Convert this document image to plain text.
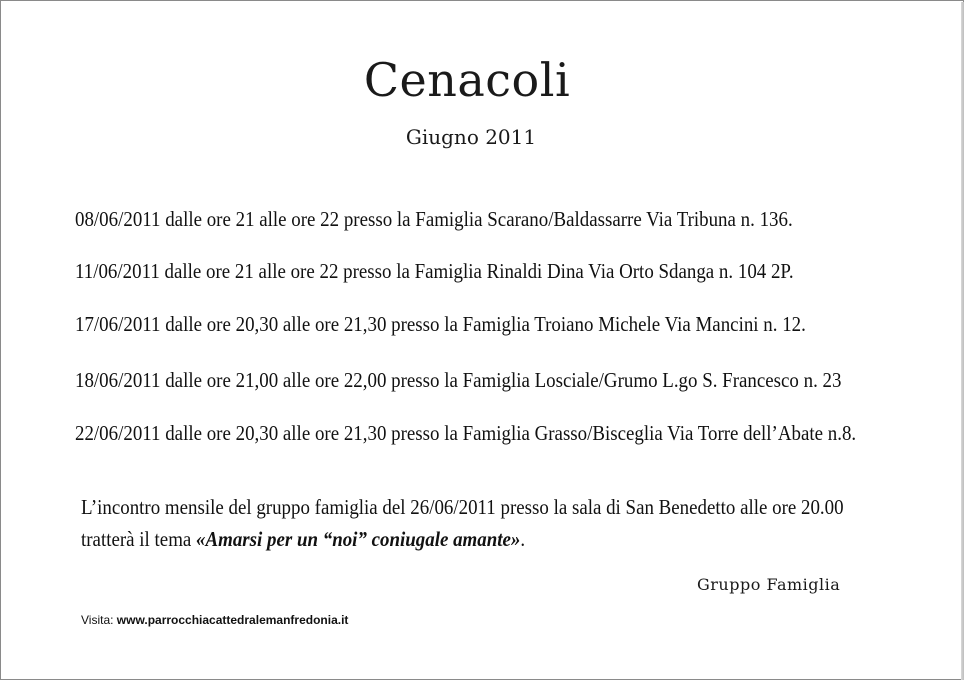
Cenacoli
Giugno 2011
08/06/2011 dalle ore 21 alle ore 22 presso la Famiglia Scarano/Baldassarre Via Tribuna n. 136.
11/06/2011 dalle ore 21 alle ore 22 presso la Famiglia Rinaldi Dina Via Orto Sdanga n. 104 2P.
17/06/2011 dalle ore 20,30 alle ore 21,30 presso la Famiglia Troiano Michele Via Mancini n. 12.
18/06/2011 dalle ore 21,00 alle ore 22,00 presso la Famiglia Losciale/Grumo L.go S. Francesco n. 23
22/06/2011 dalle ore 20,30 alle ore 21,30 presso la Famiglia Grasso/Bisceglia Via Torre dell’Abate n.8.
L’incontro mensile del gruppo famiglia del 26/06/2011 presso la sala di San Benedetto alle ore 20.00
tratterà il tema «Amarsi per un “noi” coniugale amante».
Gruppo Famiglia
Visita: www.parrocchiacattedralemanfredonia.it
